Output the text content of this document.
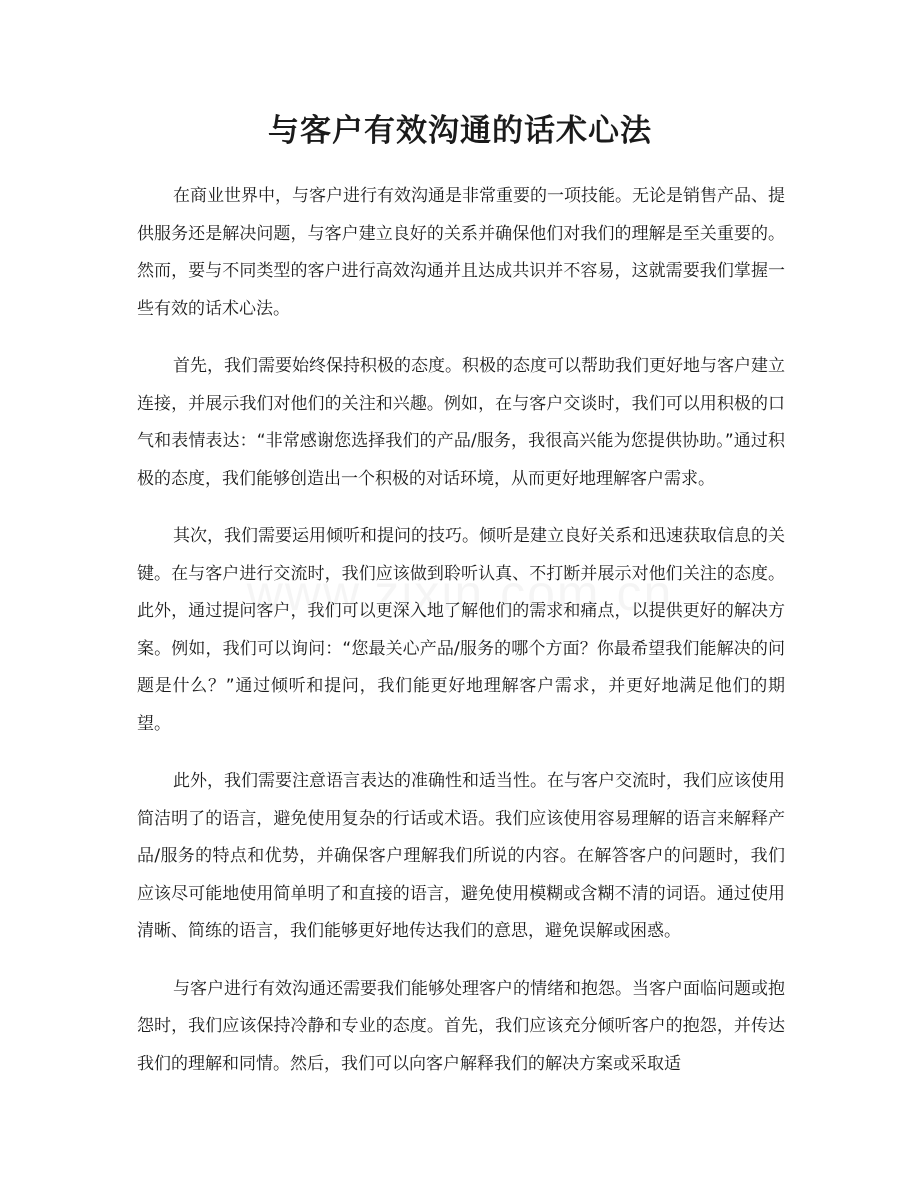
与客户有效沟通的话术心法

在商业世界中，与客户进行有效沟通是非常重要的一项技能。无论是销售产品、提供服务还是解决问题，与客户建立良好的关系并确保他们对我们的理解是至关重要的。然而，要与不同类型的客户进行高效沟通并且达成共识并不容易，这就需要我们掌握一些有效的话术心法。

首先，我们需要始终保持积极的态度。积极的态度可以帮助我们更好地与客户建立连接，并展示我们对他们的关注和兴趣。例如，在与客户交谈时，我们可以用积极的口气和表情表达：“非常感谢您选择我们的产品/服务，我很高兴能为您提供协助。”通过积极的态度，我们能够创造出一个积极的对话环境，从而更好地理解客户需求。

其次，我们需要运用倾听和提问的技巧。倾听是建立良好关系和迅速获取信息的关键。在与客户进行交流时，我们应该做到聆听认真、不打断并展示对他们关注的态度。此外，通过提问客户，我们可以更深入地了解他们的需求和痛点，以提供更好的解决方案。例如，我们可以询问：“您最关心产品/服务的哪个方面？你最希望我们能解决的问题是什么？”通过倾听和提问，我们能更好地理解客户需求，并更好地满足他们的期望。

此外，我们需要注意语言表达的准确性和适当性。在与客户交流时，我们应该使用简洁明了的语言，避免使用复杂的行话或术语。我们应该使用容易理解的语言来解释产品/服务的特点和优势，并确保客户理解我们所说的内容。在解答客户的问题时，我们应该尽可能地使用简单明了和直接的语言，避免使用模糊或含糊不清的词语。通过使用清晰、简练的语言，我们能够更好地传达我们的意思，避免误解或困惑。

与客户进行有效沟通还需要我们能够处理客户的情绪和抱怨。当客户面临问题或抱怨时，我们应该保持冷静和专业的态度。首先，我们应该充分倾听客户的抱怨，并传达我们的理解和同情。然后，我们可以向客户解释我们的解决方案或采取适
